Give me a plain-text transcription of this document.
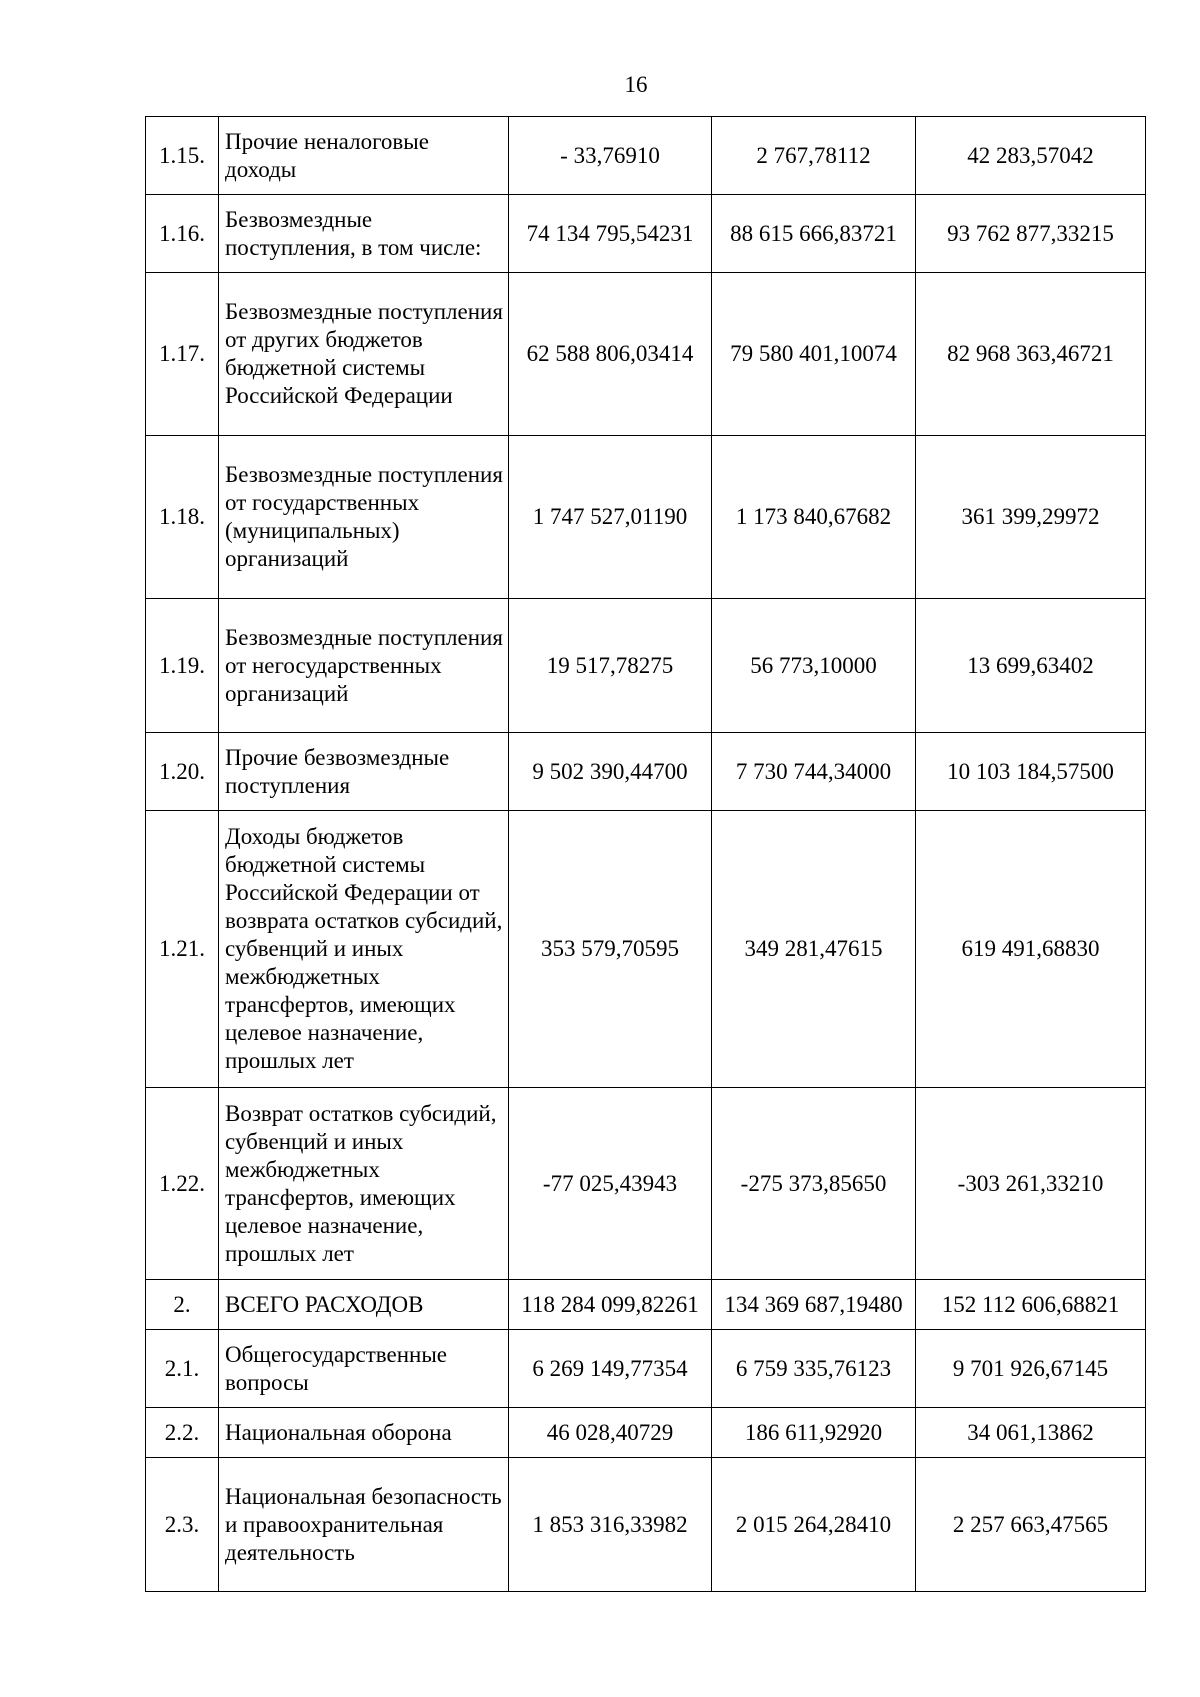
16
1.15.	Прочие неналоговые доходы	- 33,76910	2 767,78112	42 283,57042
1.16.	Безвозмездные поступления, в том числе:	74 134 795,54231	88 615 666,83721	93 762 877,33215
1.17.	Безвозмездные поступления от других бюджетов бюджетной системы Российской Федерации	62 588 806,03414	79 580 401,10074	82 968 363,46721
1.18.	Безвозмездные поступления от государственных (муниципальных) организаций	1 747 527,01190	1 173 840,67682	361 399,29972
1.19.	Безвозмездные поступления от негосударственных организаций	19 517,78275	56 773,10000	13 699,63402
1.20.	Прочие безвозмездные поступления	9 502 390,44700	7 730 744,34000	10 103 184,57500
1.21.	Доходы бюджетов бюджетной системы Российской Федерации от возврата остатков субсидий, субвенций и иных межбюджетных трансфертов, имеющих целевое назначение, прошлых лет	353 579,70595	349 281,47615	619 491,68830
1.22.	Возврат остатков субсидий, субвенций и иных межбюджетных трансфертов, имеющих целевое назначение, прошлых лет	-77 025,43943	-275 373,85650	-303 261,33210
2.	ВСЕГО РАСХОДОВ	118 284 099,82261	134 369 687,19480	152 112 606,68821
2.1.	Общегосударственные вопросы	6 269 149,77354	6 759 335,76123	9 701 926,67145
2.2.	Национальная оборона	46 028,40729	186 611,92920	34 061,13862
2.3.	Национальная безопасность и правоохранительная деятельность	1 853 316,33982	2 015 264,28410	2 257 663,47565
